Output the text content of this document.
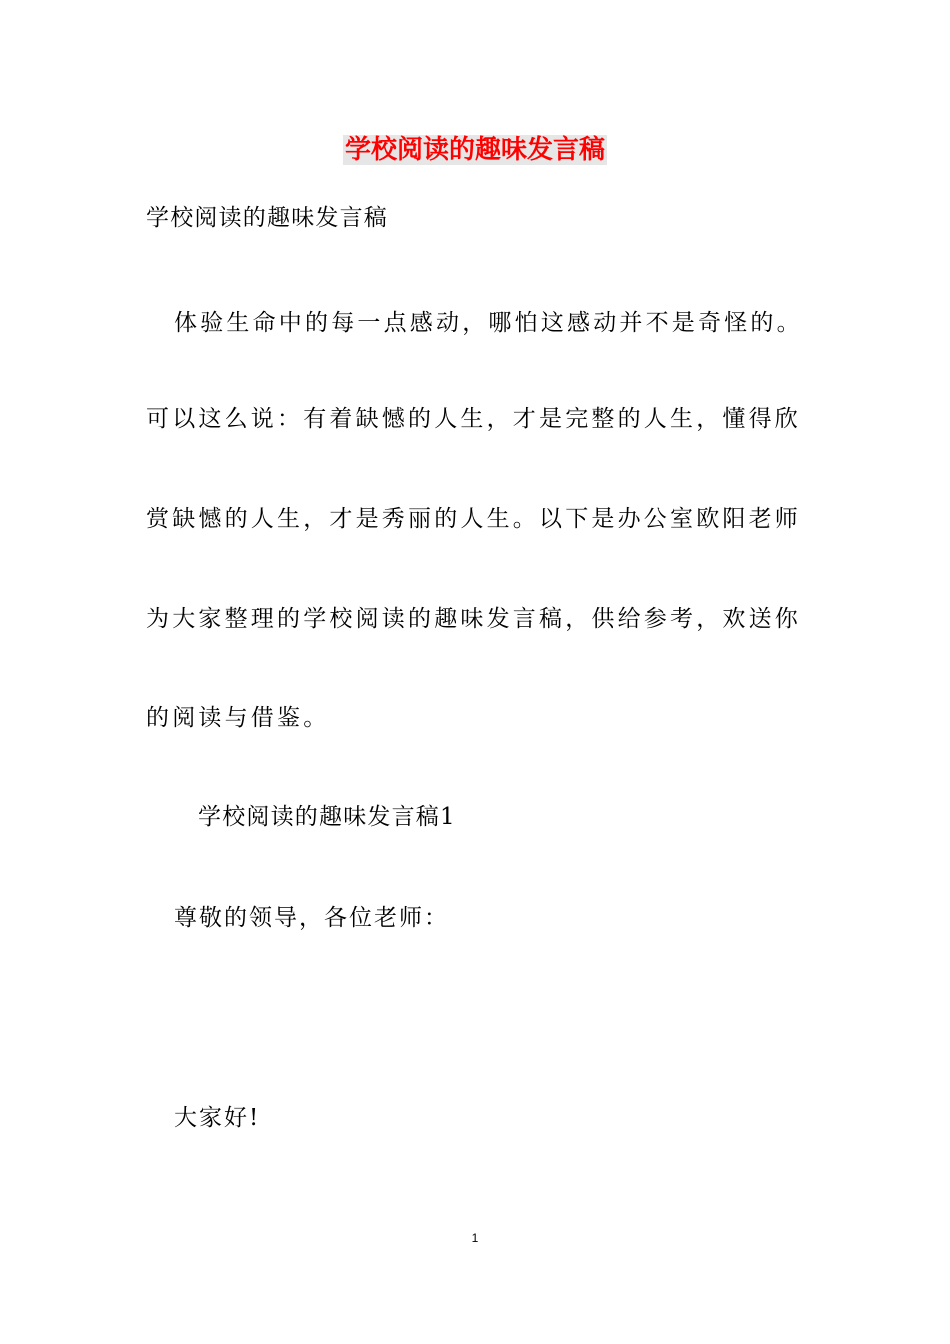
学校阅读的趣味发言稿
学校阅读的趣味发言稿
体验生命中的每一点感动，哪怕这感动并不是奇怪的。
可以这么说：有着缺憾的人生，才是完整的人生，懂得欣
赏缺憾的人生，才是秀丽的人生。以下是办公室欧阳老师
为大家整理的学校阅读的趣味发言稿，供给参考，欢送你
的阅读与借鉴。
学校阅读的趣味发言稿1
尊敬的领导，各位老师：
大家好!
1
